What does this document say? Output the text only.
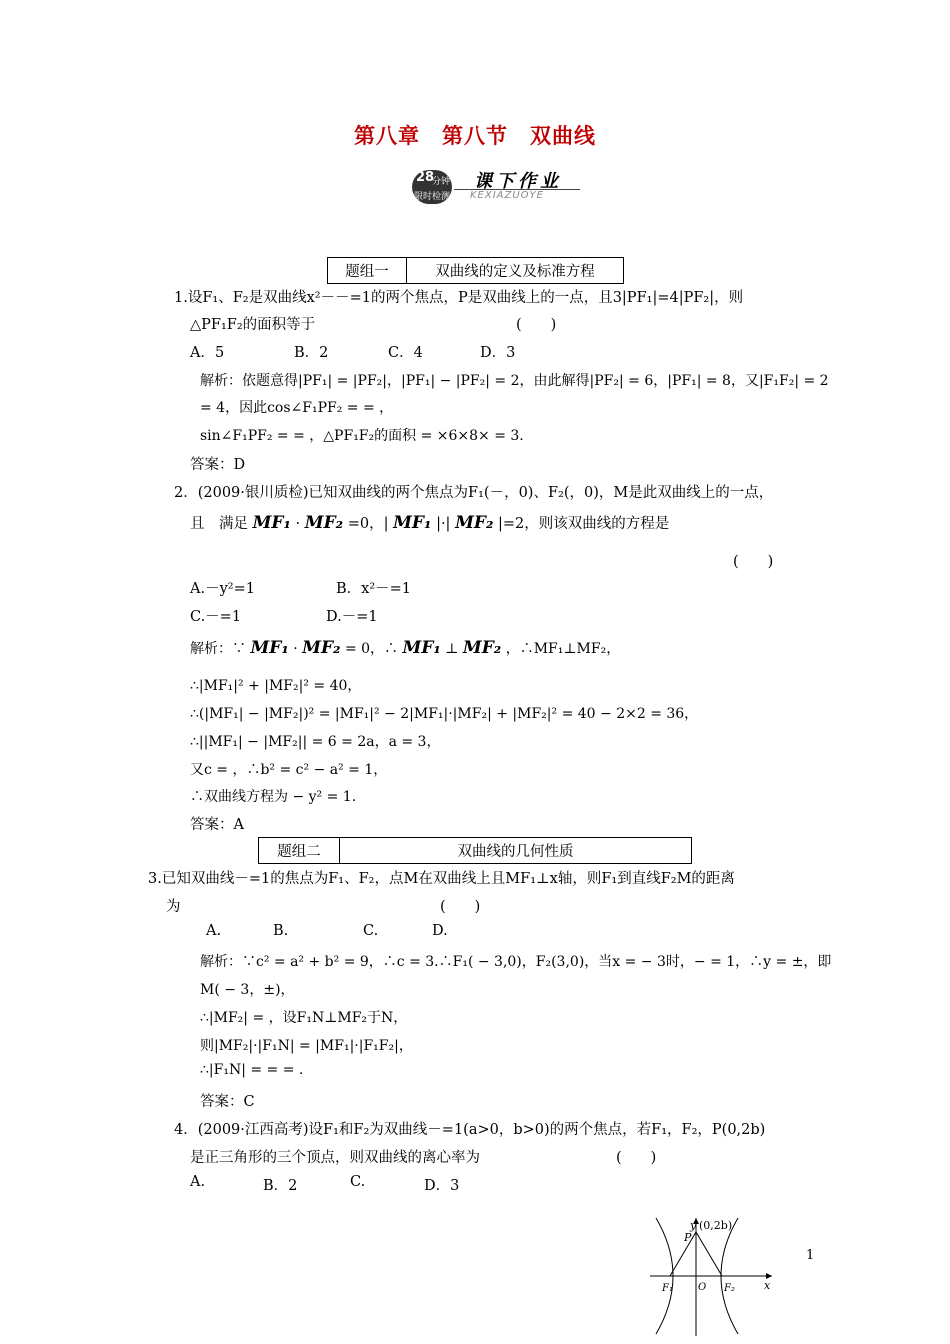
第八章　第八节　双曲线
28
分钟
限时检测
课下作业
KEXIAZUOYE
题组一	双曲线的定义及标准方程
1.设F₁、F₂是双曲线x²－－=1的两个焦点，P是双曲线上的一点，且3|PF₁|=4|PF₂|，则
△PF₁F₂的面积等于	(　　)
A．5	B．2	C．4	D．3
解析：依题意得|PF₁| = |PF₂|，|PF₁| − |PF₂| = 2，由此解得|PF₂| = 6，|PF₁| = 8，又|F₁F₂| = 2
= 4，因此cos∠F₁PF₂ = = ，
sin∠F₁PF₂ = = ，△PF₁F₂的面积 = ×6×8× = 3.
答案：D
2．(2009·银川质检)已知双曲线的两个焦点为F₁(－，0)、F₂(，0)，M是此双曲线上的一点，
且　满足 MF₁ · MF₂ =0，| MF₁ |·| MF₂ |=2，则该双曲线的方程是
(　　)
A.－y²=1	B．x²－=1
C.－=1	D.－=1
解析：∵ MF₁ · MF₂ = 0，∴ MF₁ ⊥ MF₂ ，∴MF₁⊥MF₂，
∴|MF₁|² + |MF₂|² = 40，
∴(|MF₁| − |MF₂|)² = |MF₁|² − 2|MF₁|·|MF₂| + |MF₂|² = 40 − 2×2 = 36，
∴||MF₁| − |MF₂|| = 6 = 2a，a = 3，
又c = ，∴b² = c² − a² = 1，
∴双曲线方程为 − y² = 1.
答案：A
题组二	双曲线的几何性质
3.已知双曲线－=1的焦点为F₁、F₂，点M在双曲线上且MF₁⊥x轴，则F₁到直线F₂M的距离
为	(　　)
A.	B.	C.	D.
解析：∵c² = a² + b² = 9，∴c = 3.∴F₁( − 3,0)，F₂(3,0)，当x = − 3时，− = 1，∴y = ±，即
M( − 3，±)，
∴|MF₂| = ，设F₁N⊥MF₂于N，
则|MF₂|·|F₁N| = |MF₁|·|F₁F₂|，
∴|F₁N| = = = .
答案：C
4．(2009·江西高考)设F₁和F₂为双曲线－=1(a>0，b>0)的两个焦点，若F₁，F₂，P(0,2b)
是正三角形的三个顶点，则双曲线的离心率为	(　　)
A.	B．2	C.	D．3
y (0,2b)
P
F₁	O F₂	x
1
